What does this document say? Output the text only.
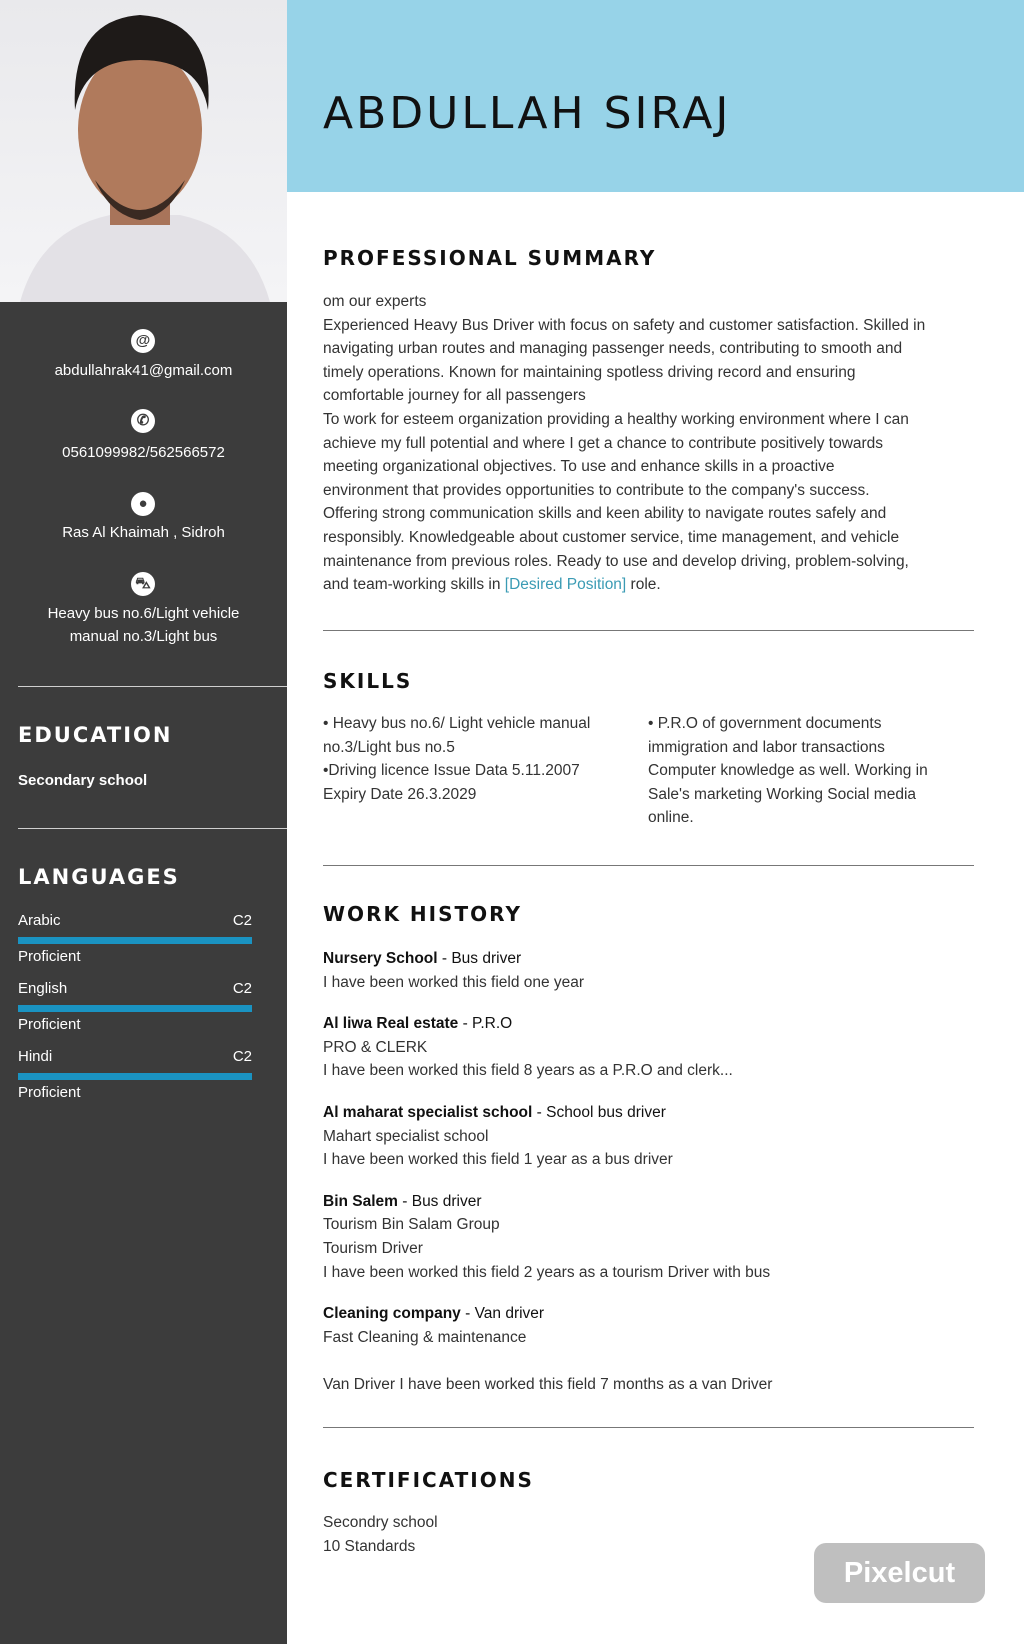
ABDULLAH SIRAJ
@
abdullahrak41@gmail.com
✆
0561099982/562566572
●
Ras Al Khaimah , Sidroh
⛍
Heavy bus no.6/Light vehicle
manual no.3/Light bus
EDUCATION
Secondary school
LANGUAGES
Arabic	C2
Proficient
English	C2
Proficient
Hindi	C2
Proficient
PROFESSIONAL SUMMARY
om our experts
Experienced Heavy Bus Driver with focus on safety and customer satisfaction. Skilled in
navigating urban routes and managing passenger needs, contributing to smooth and
timely operations. Known for maintaining spotless driving record and ensuring
comfortable journey for all passengers
To work for esteem organization providing a healthy working environment where I can
achieve my full potential and where I get a chance to contribute positively towards
meeting organizational objectives. To use and enhance skills in a proactive
environment that provides opportunities to contribute to the company's success.
Offering strong communication skills and keen ability to navigate routes safely and
responsibly. Knowledgeable about customer service, time management, and vehicle
maintenance from previous roles. Ready to use and develop driving, problem-solving,
and team-working skills in [Desired Position] role.
SKILLS
• Heavy bus no.6/ Light vehicle manual
no.3/Light bus no.5
•Driving licence Issue Data 5.11.2007
Expiry Date 26.3.2029
• P.R.O of government documents
immigration and labor transactions
Computer knowledge as well. Working in
Sale's marketing Working Social media
online.
WORK HISTORY
Nursery School - Bus driver
I have been worked this field one year
Al liwa Real estate - P.R.O
PRO & CLERK
I have been worked this field 8 years as a P.R.O and clerk...
Al maharat specialist school - School bus driver
Mahart specialist school
I have been worked this field 1 year as a bus driver
Bin Salem - Bus driver
Tourism Bin Salam Group
Tourism Driver
I have been worked this field 2 years as a tourism Driver with bus
Cleaning company - Van driver
Fast Cleaning & maintenance
Van Driver I have been worked this field 7 months as a van Driver
CERTIFICATIONS
Secondry school
10 Standards
Pixelcut
